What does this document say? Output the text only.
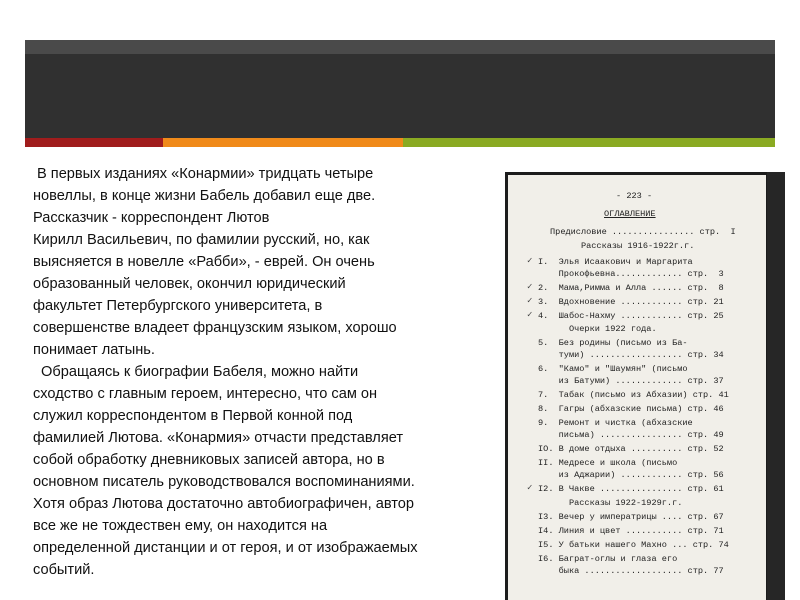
В первых изданиях «Конармии» тридцать четыре
новеллы, в конце жизни Бабель добавил еще две.
Рассказчик - корреспондент Лютов
Кирилл Васильевич, по фамилии русский, но, как
выясняется в новелле «Рабби», - еврей. Он очень
образованный человек, окончил юридический
факультет Петербургского университета, в
совершенстве владеет французским языком, хорошо
понимает латынь.

Обращаясь к биографии Бабеля, можно найти
сходство с главным героем, интересно, что сам он
служил корреспондентом в Первой конной под
фамилией Лютова. «Конармия» отчасти представляет
собой обработку дневниковых записей автора, но в
основном писатель руководствовался воспоминаниями.
Хотя образ Лютова достаточно автобиографичен, автор
все же не тождествен ему, он находится на
определенной дистанции и от героя, и от изображаемых
событий.

- 223 -

ОГЛАВЛЕНИЕ

Предисловие ................ стр.  I

Рассказы 1916-1922г.г.

I.  Элья Исаакович и Маргарита

Прокофьевна............. стр.  3

2.  Мама,Римма и Алла ...... стр.  8

3.  Вдохновение ............ стр. 21

4.  Шабос-Нахму ............ стр. 25

Очерки 1922 года.

5.  Без родины (письмо из Ба-

туми) .................. стр. 34

6.  "Камо" и "Шаумян" (письмо

из Батуми) ............. стр. 37

7.  Табак (письмо из Абхазии) стр. 41

8.  Гагры (абхазские письма) стр. 46

9.  Ремонт и чистка (абхазские

письма) ................ стр. 49

IO. В доме отдыха .......... стр. 52

II. Медресе и школа (письмо

из Аджарии) ............ стр. 56

I2. В Чакве ................ стр. 61

Рассказы 1922-1929г.г.

I3. Вечер у императрицы .... стр. 67

I4. Линия и цвет ........... стр. 71

I5. У батьки нашего Махно ... стр. 74

I6. Баграт-оглы и глаза его

быка ................... стр. 77

✓
✓
✓
✓
✓
